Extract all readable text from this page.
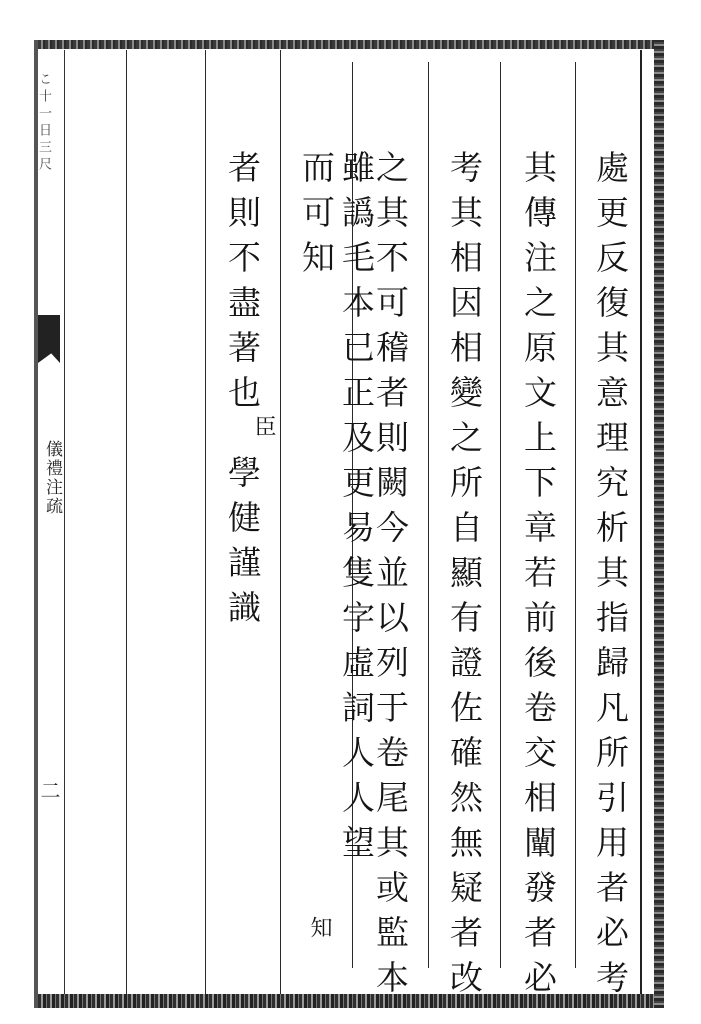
こ十一日三尺
儀禮注疏
二	處更反復其意理究析其指歸凡所引用者必考
其傳注之原文上下章若前後卷交相闡發者必
考其相因相變之所自顯有證佐確然無疑者改
之其不可稽者則闕今並以列于卷尾其或監本
雖譌毛本已正及更易隻字虛詞人人望而可知
知
者則不盡著也
臣
學健謹識
